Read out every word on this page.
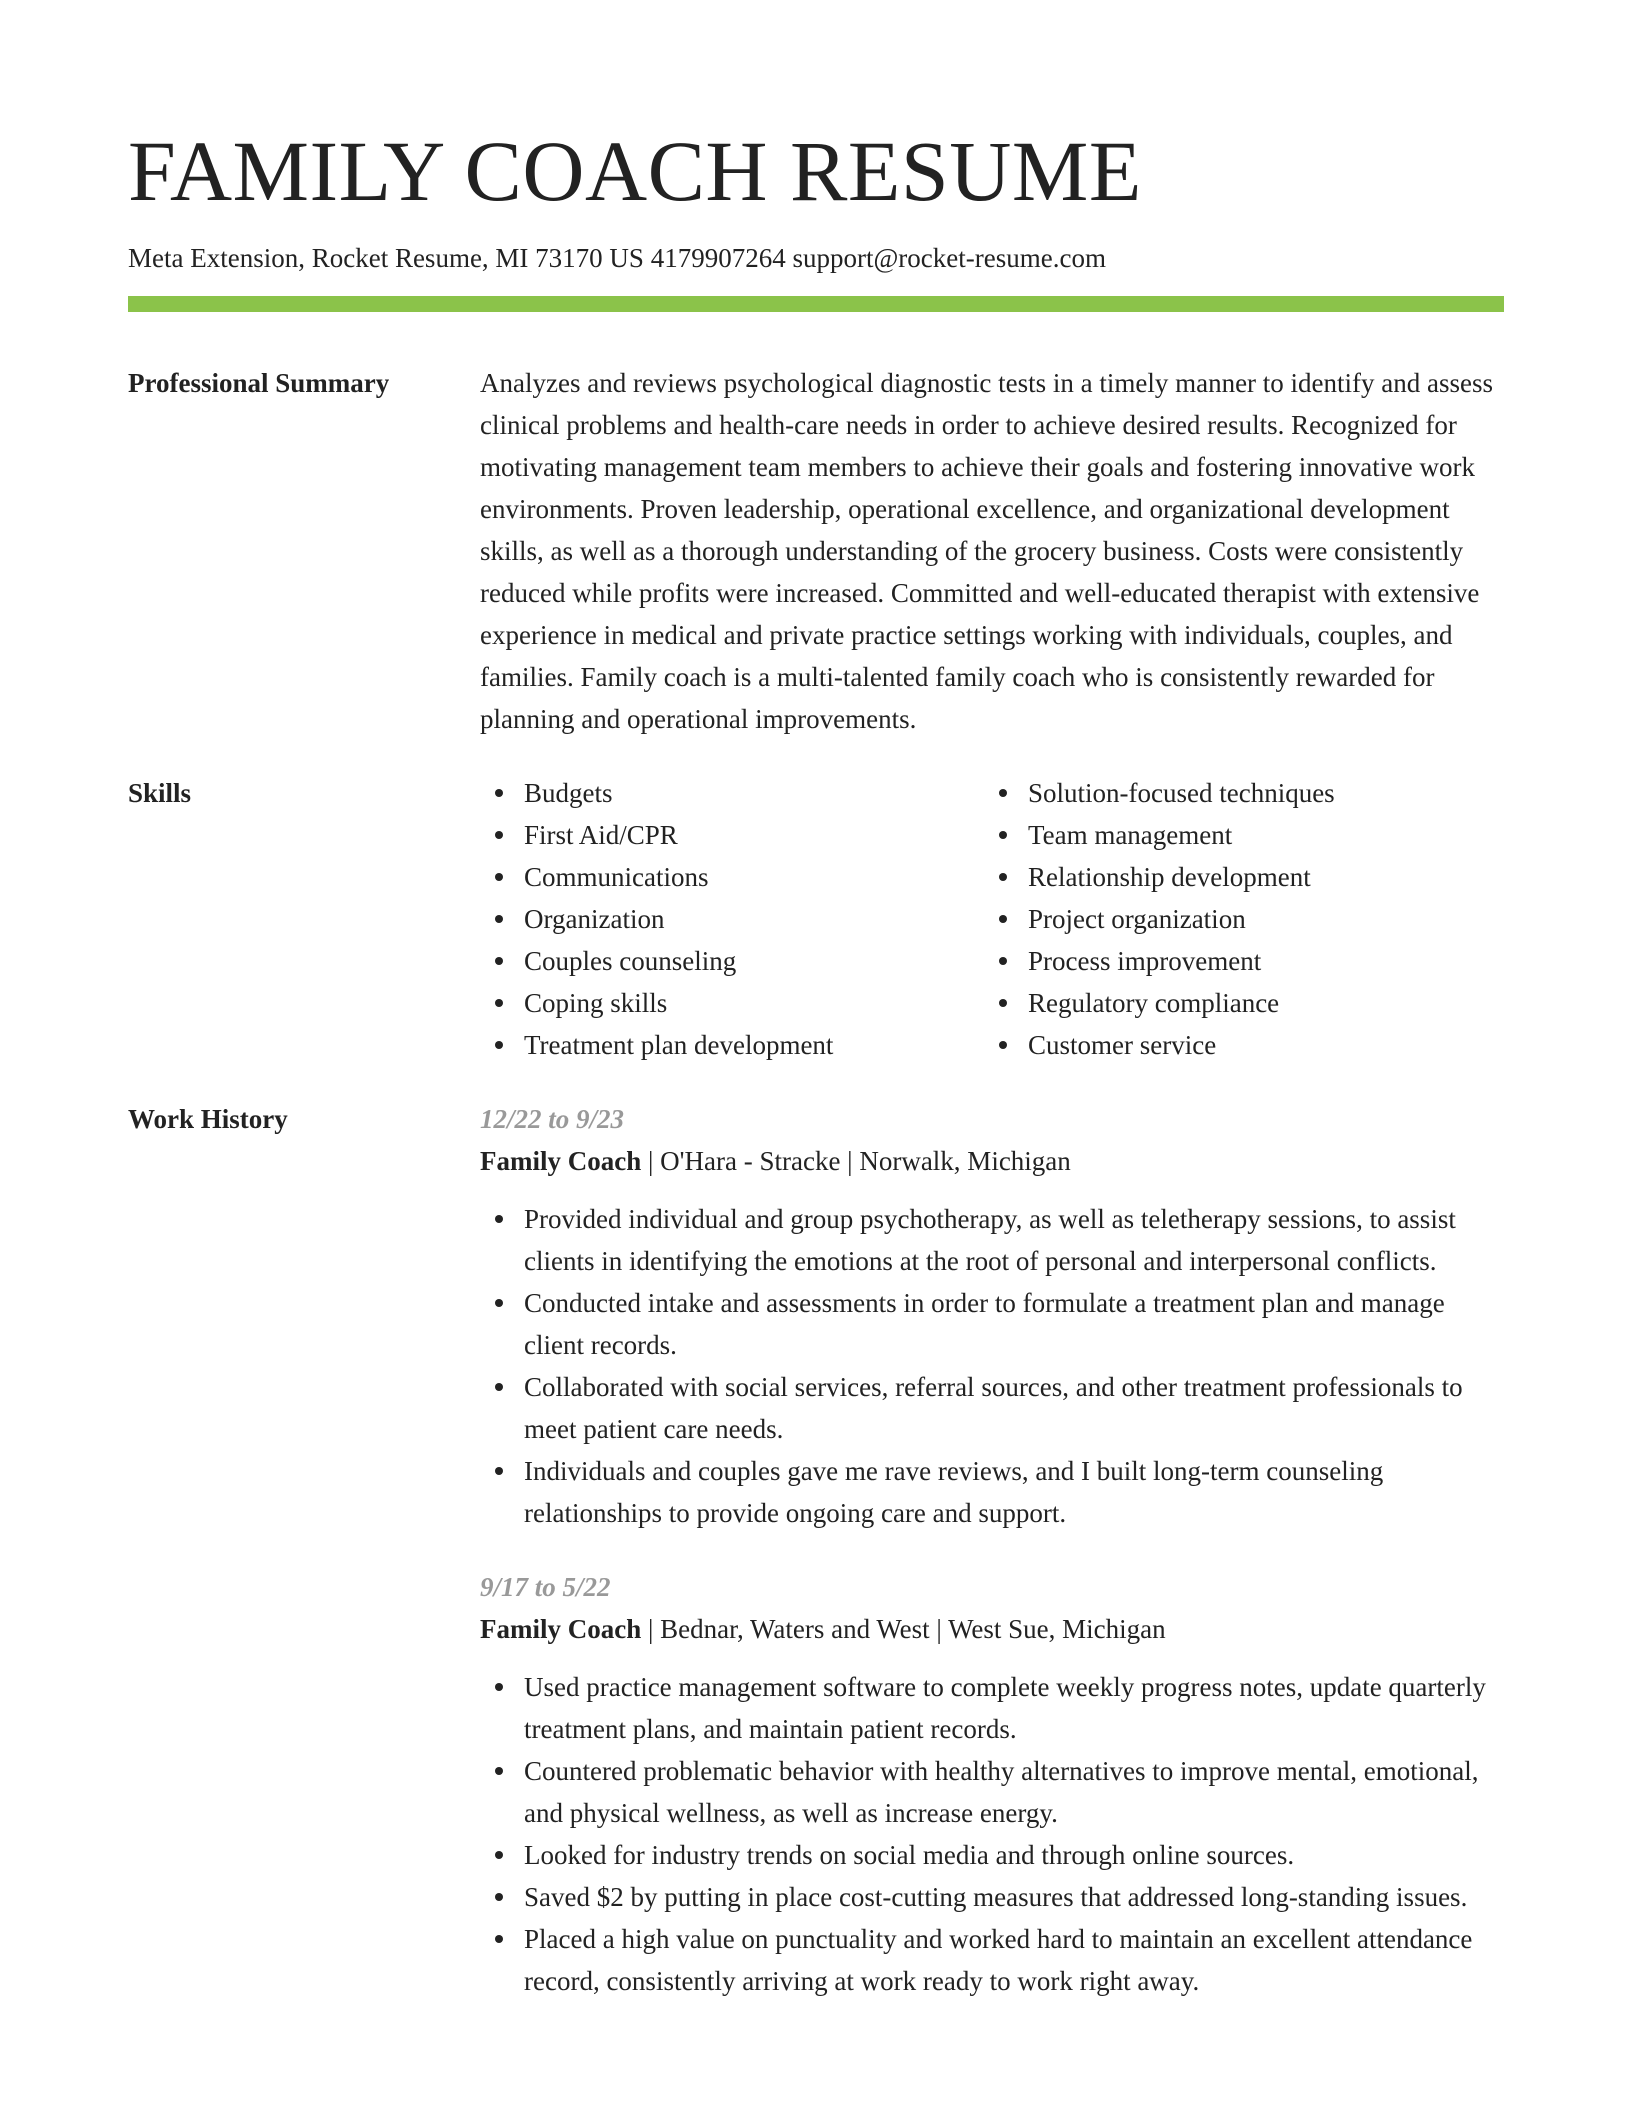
FAMILY COACH RESUME
Meta Extension, Rocket Resume, MI 73170 US 4179907264 support@rocket-resume.com
Professional Summary	Analyzes and reviews psychological diagnostic tests in a timely manner to identify and assess clinical problems and health-care needs in order to achieve desired results. Recognized for motivating management team members to achieve their goals and fostering innovative work environments. Proven leadership, operational excellence, and organizational development skills, as well as a thorough understanding of the grocery business. Costs were consistently reduced while profits were increased. Committed and well-educated therapist with extensive experience in medical and private practice settings working with individuals, couples, and families. Family coach is a multi-talented family coach who is consistently rewarded for planning and operational improvements.
Skills	Budgets
First Aid/CPR
Communications
Organization
Couples counseling
Coping skills
Treatment plan development
Solution-focused techniques
Team management
Relationship development
Project organization
Process improvement
Regulatory compliance
Customer service
Work History	12/22 to 9/23
Family Coach | O'Hara - Stracke | Norwalk, Michigan
Provided individual and group psychotherapy, as well as teletherapy sessions, to assist clients in identifying the emotions at the root of personal and interpersonal conflicts.
Conducted intake and assessments in order to formulate a treatment plan and manage client records.
Collaborated with social services, referral sources, and other treatment professionals to meet patient care needs.
Individuals and couples gave me rave reviews, and I built long-term counseling relationships to provide ongoing care and support.
9/17 to 5/22
Family Coach | Bednar, Waters and West | West Sue, Michigan
Used practice management software to complete weekly progress notes, update quarterly treatment plans, and maintain patient records.
Countered problematic behavior with healthy alternatives to improve mental, emotional, and physical wellness, as well as increase energy.
Looked for industry trends on social media and through online sources.
Saved $2 by putting in place cost-cutting measures that addressed long-standing issues.
Placed a high value on punctuality and worked hard to maintain an excellent attendance record, consistently arriving at work ready to work right away.
